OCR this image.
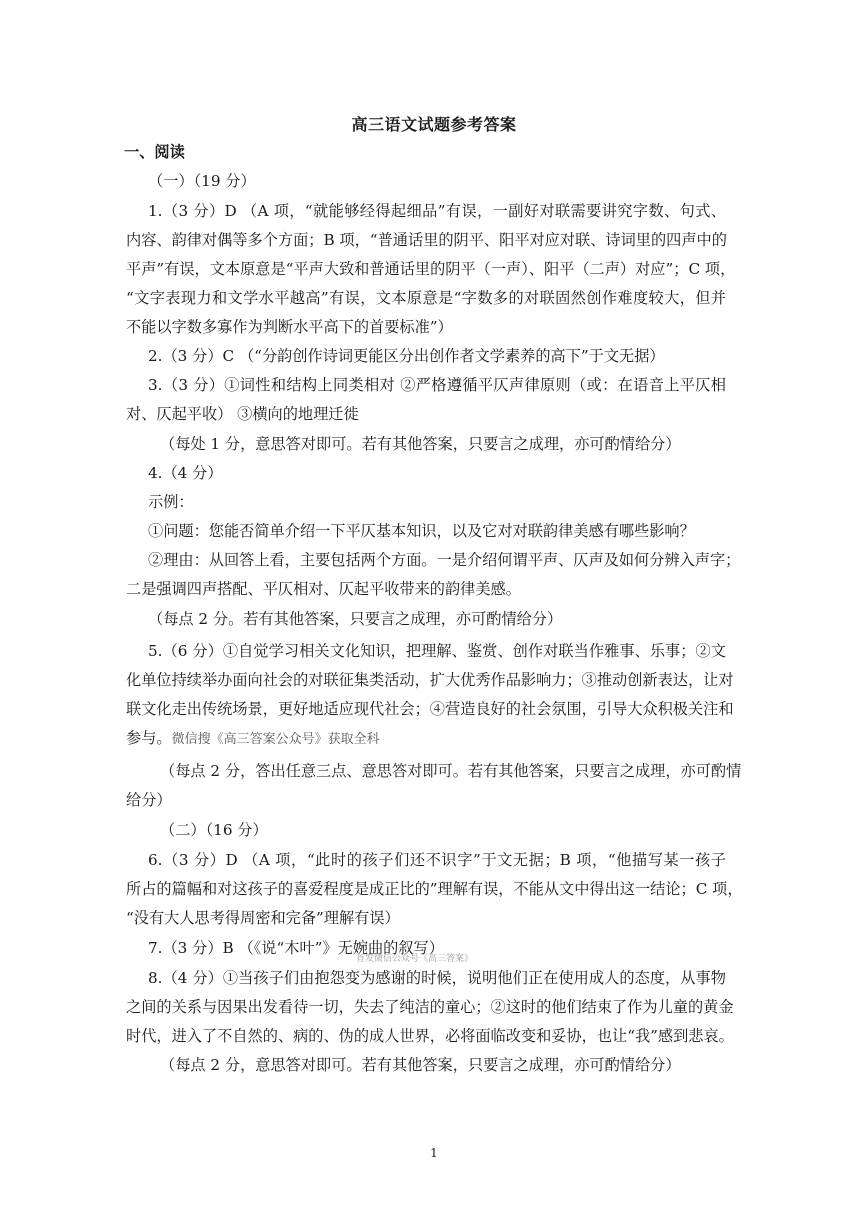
高三语文试题参考答案
一、阅读
（一）（19 分）
1.（3 分）D （A 项，“就能够经得起细品”有误，一副好对联需要讲究字数、句式、
内容、韵律对偶等多个方面；B 项，“普通话里的阴平、阳平对应对联、诗词里的四声中的
平声”有误，文本原意是“平声大致和普通话里的阴平（一声）、阳平（二声）对应”；C 项，
“文字表现力和文学水平越高”有误，文本原意是“字数多的对联固然创作难度较大，但并
不能以字数多寡作为判断水平高下的首要标准”）
2.（3 分）C （“分韵创作诗词更能区分出创作者文学素养的高下”于文无据）
3.（3 分）①词性和结构上同类相对 ②严格遵循平仄声律原则（或：在语音上平仄相
对、仄起平收） ③横向的地理迁徙
（每处 1 分，意思答对即可。若有其他答案，只要言之成理，亦可酌情给分）
4.（4 分）
示例：
①问题：您能否简单介绍一下平仄基本知识，以及它对对联韵律美感有哪些影响？
②理由：从回答上看，主要包括两个方面。一是介绍何谓平声、仄声及如何分辨入声字；
二是强调四声搭配、平仄相对、仄起平收带来的韵律美感。
（每点 2 分。若有其他答案，只要言之成理，亦可酌情给分）
5.（6 分）①自觉学习相关文化知识，把理解、鉴赏、创作对联当作雅事、乐事；②文
化单位持续举办面向社会的对联征集类活动，扩大优秀作品影响力；③推动创新表达，让对
联文化走出传统场景，更好地适应现代社会；④营造良好的社会氛围，引导大众积极关注和
参与。微信搜《高三答案公众号》获取全科
（每点 2 分，答出任意三点、意思答对即可。若有其他答案，只要言之成理，亦可酌情
给分）
（二）（16 分）
6.（3 分）D （A 项，“此时的孩子们还不识字”于文无据；B 项，“他描写某一孩子
所占的篇幅和对这孩子的喜爱程度是成正比的”理解有误，不能从文中得出这一结论；C 项，
“没有大人思考得周密和完备”理解有误）
7.（3 分）B （《说“木叶”》无婉曲的叙写）
首发微信公众号《高三答案》
8.（4 分）①当孩子们由抱怨变为感谢的时候，说明他们正在使用成人的态度，从事物
之间的关系与因果出发看待一切，失去了纯洁的童心；②这时的他们结束了作为儿童的黄金
时代，进入了不自然的、病的、伪的成人世界，必将面临改变和妥协，也让“我”感到悲哀。
（每点 2 分，意思答对即可。若有其他答案，只要言之成理，亦可酌情给分）
1
